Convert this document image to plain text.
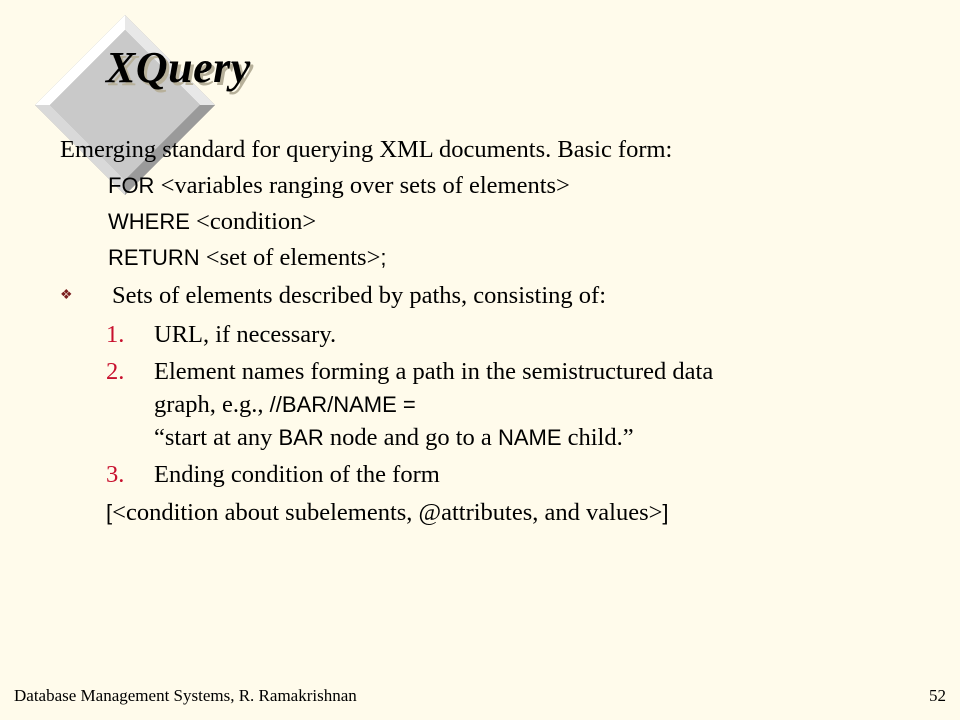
XQuery
Emerging standard for querying XML documents. Basic form:
FOR <variables ranging over sets of elements>
WHERE <condition>
RETURN <set of elements>;
❖ Sets of elements described by paths, consisting of:
1. URL, if necessary.
2. Element names forming a path in the semistructured data
graph, e.g., //BAR/NAME =
“start at any BAR node and go to a NAME child.”
3. Ending condition of the form
[<condition about subelements, @attributes, and values>]
Database Management Systems, R. Ramakrishnan	52
